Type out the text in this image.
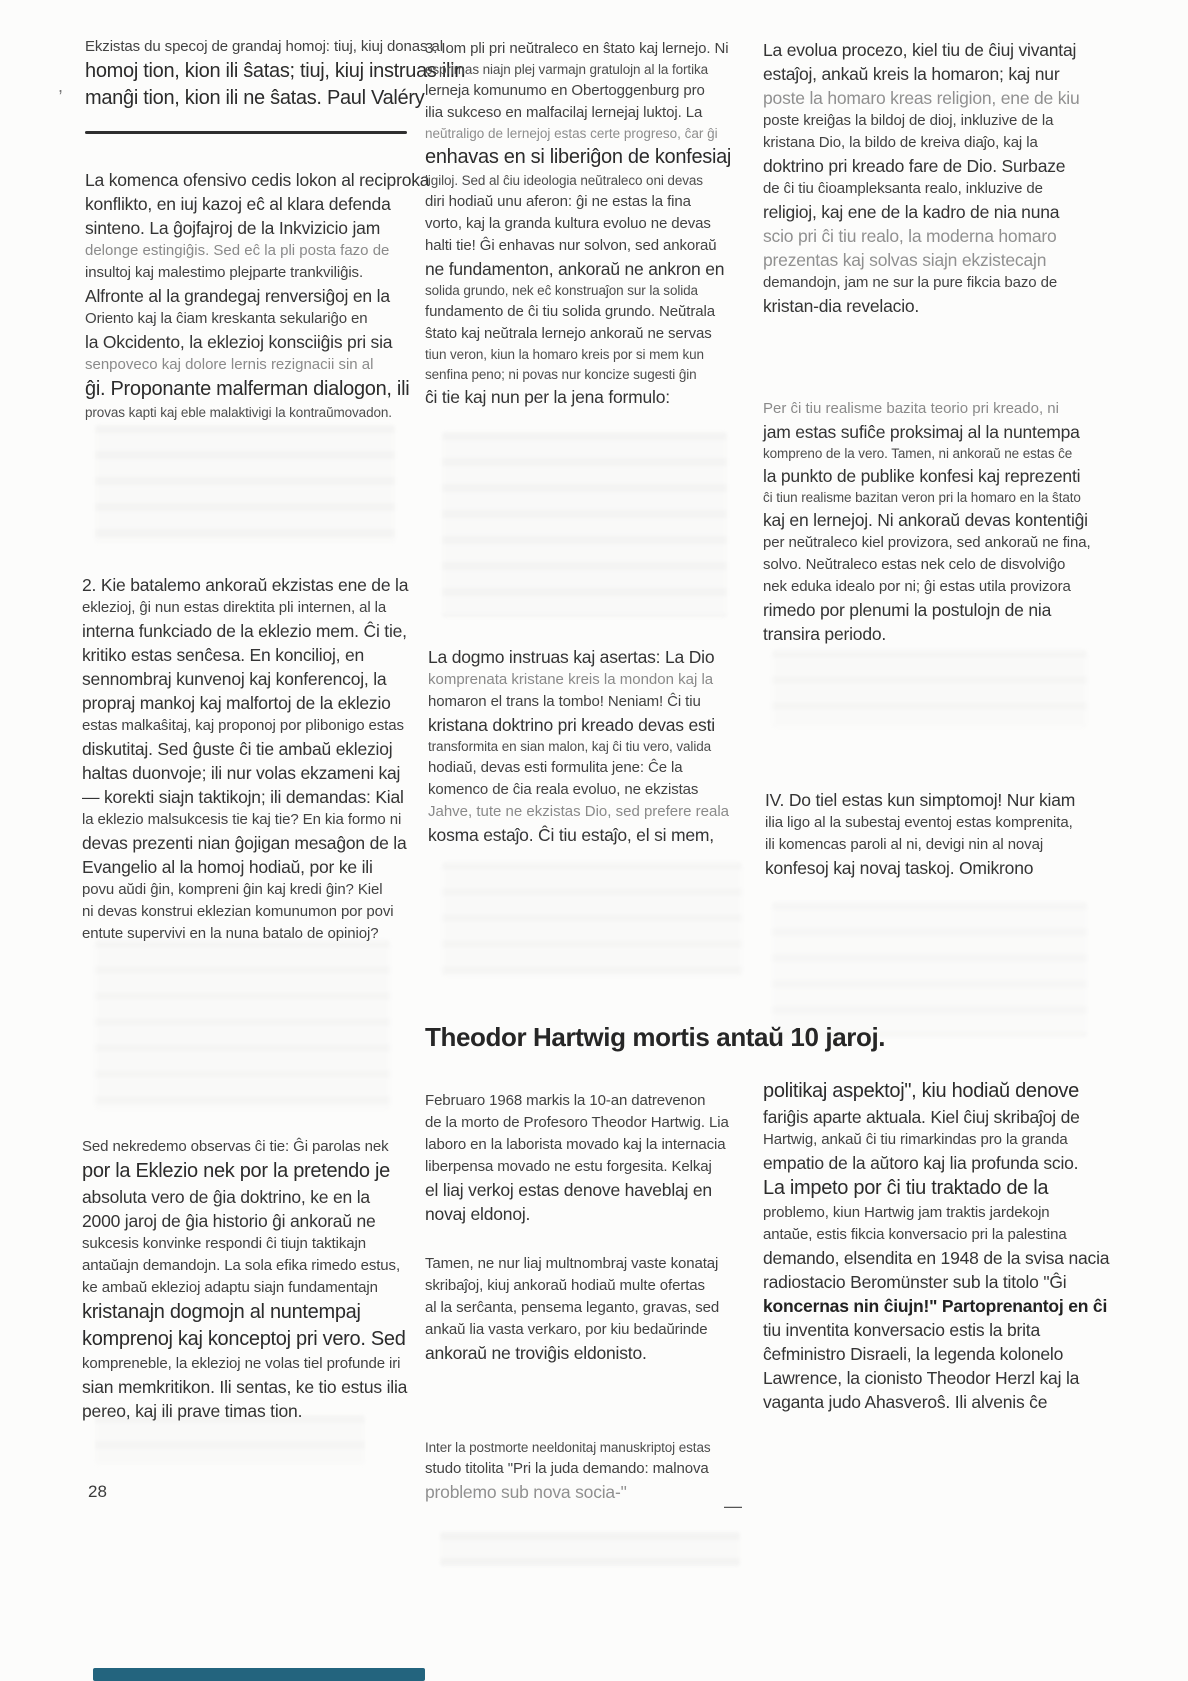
,
Ekzistas du specoj de grandaj homoj: tiuj, kiuj donas al
homoj tion, kion ili ŝatas; tiuj, kiuj instruas ilin
manĝi tion, kion ili ne ŝatas. Paul Valéry
La komenca ofensivo cedis lokon al reciproka
konflikto, en iuj kazoj eĉ al klara defenda
sinteno. La ĝojfajroj de la Inkvizicio jam
delonge estingiĝis. Sed eĉ la pli posta fazo de
insultoj kaj malestimo plejparte trankviliĝis.
Alfronte al la grandegaj renversiĝoj en la
Oriento kaj la ĉiam kreskanta sekulariĝo en
la Okcidento, la eklezioj konsciiĝis pri sia
senpoveco kaj dolore lernis rezignacii sin al
ĝi. Proponante malferman dialogon, ili
provas kapti kaj eble malaktivigi la kontraŭmovadon.
2. Kie batalemo ankoraŭ ekzistas ene de la
eklezioj, ĝi nun estas direktita pli internen, al la
interna funkciado de la eklezio mem. Ĉi tie,
kritiko estas senĉesa. En koncilioj, en
sennombraj kunvenoj kaj konferencoj, la
propraj mankoj kaj malfortoj de la eklezio
estas malkaŝitaj, kaj proponoj por plibonigo estas
diskutitaj. Sed ĝuste ĉi tie ambaŭ eklezioj
haltas duonvoje; ili nur volas ekzameni kaj
— korekti siajn taktikojn; ili demandas: Kial
la eklezio malsukcesis tie kaj tie? En kia formo ni
devas prezenti nian ĝojigan mesaĝon de la
Evangelio al la homoj hodiaŭ, por ke ili
povu aŭdi ĝin, kompreni ĝin kaj kredi ĝin? Kiel
ni devas konstrui eklezian komunumon por povi
entute supervivi en la nuna batalo de opinioj?
Sed nekredemo observas ĉi tie: Ĝi parolas nek
por la Eklezio nek por la pretendo je
absoluta vero de ĝia doktrino, ke en la
2000 jaroj de ĝia historio ĝi ankoraŭ ne
sukcesis konvinke respondi ĉi tiujn taktikajn
antaŭajn demandojn. La sola efika rimedo estus,
ke ambaŭ eklezioj adaptu siajn fundamentajn
kristanajn dogmojn al nuntempaj
komprenoj kaj konceptoj pri vero. Sed
kompreneble, la eklezioj ne volas tiel profunde iri
sian memkritikon. Ili sentas, ke tio estus ilia
pereo, kaj ili prave timas tion.
3. Iom pli pri neŭtraleco en ŝtato kaj lernejo. Ni
esprimas niajn plej varmajn gratulojn al la fortika
lerneja komunumo en Obertoggenburg pro
ilia sukceso en malfacilaj lernejaj luktoj. La
neŭtraligo de lernejoj estas certe progreso, ĉar ĝi
enhavas en si liberiĝon de konfesiaj
ligiloj. Sed al ĉiu ideologia neŭtraleco oni devas
diri hodiaŭ unu aferon: ĝi ne estas la fina
vorto, kaj la granda kultura evoluo ne devas
halti tie! Ĝi enhavas nur solvon, sed ankoraŭ
ne fundamenton, ankoraŭ ne ankron en
solida grundo, nek eĉ konstruaĵon sur la solida
fundamento de ĉi tiu solida grundo. Neŭtrala
ŝtato kaj neŭtrala lernejo ankoraŭ ne servas
tiun veron, kiun la homaro kreis por si mem kun
senfina peno; ni povas nur koncize sugesti ĝin
ĉi tie kaj nun per la jena formulo:
La dogmo instruas kaj asertas: La Dio
komprenata kristane kreis la mondon kaj la
homaron el trans la tombo! Neniam! Ĉi tiu
kristana doktrino pri kreado devas esti
transformita en sian malon, kaj ĉi tiu vero, valida
hodiaŭ, devas esti formulita jene: Ĉe la
komenco de ĉia reala evoluo, ne ekzistas
Jahve, tute ne ekzistas Dio, sed prefere reala
kosma estaĵo. Ĉi tiu estaĵo, el si mem,
Februaro 1968 markis la 10-an datrevenon
de la morto de Profesoro Theodor Hartwig. Lia
laboro en la laborista movado kaj la internacia
liberpensa movado ne estu forgesita. Kelkaj
el liaj verkoj estas denove haveblaj en
novaj eldonoj.
Tamen, ne nur liaj multnombraj vaste konataj
skribaĵoj, kiuj ankoraŭ hodiaŭ multe ofertas
al la serĉanta, pensema leganto, gravas, sed
ankaŭ lia vasta verkaro, por kiu bedaŭrinde
ankoraŭ ne troviĝis eldonisto.
Inter la postmorte neeldonitaj manuskriptoj estas
studo titolita "Pri la juda demando: malnova
problemo sub nova socia-"
La evolua procezo, kiel tiu de ĉiuj vivantaj
estaĵoj, ankaŭ kreis la homaron; kaj nur
poste la homaro kreas religion, ene de kiu
poste kreiĝas la bildoj de dioj, inkluzive de la
kristana Dio, la bildo de kreiva diaĵo, kaj la
doktrino pri kreado fare de Dio. Surbaze
de ĉi tiu ĉioampleksanta realo, inkluzive de
religioj, kaj ene de la kadro de nia nuna
scio pri ĉi tiu realo, la moderna homaro
prezentas kaj solvas siajn ekzistecajn
demandojn, jam ne sur la pure fikcia bazo de
kristan-dia revelacio.
Per ĉi tiu realisme bazita teorio pri kreado, ni
jam estas sufiĉe proksimaj al la nuntempa
kompreno de la vero. Tamen, ni ankoraŭ ne estas ĉe
la punkto de publike konfesi kaj reprezenti
ĉi tiun realisme bazitan veron pri la homaro en la ŝtato
kaj en lernejoj. Ni ankoraŭ devas kontentiĝi
per neŭtraleco kiel provizora, sed ankoraŭ ne fina,
solvo. Neŭtraleco estas nek celo de disvolviĝo
nek eduka idealo por ni; ĝi estas utila provizora
rimedo por plenumi la postulojn de nia
transira periodo.
IV. Do tiel estas kun simptomoj! Nur kiam
ilia ligo al la subestaj eventoj estas komprenita,
ili komencas paroli al ni, devigi nin al novaj
konfesoj kaj novaj taskoj. Omikrono
politikaj aspektoj", kiu hodiaŭ denove
fariĝis aparte aktuala. Kiel ĉiuj skribaĵoj de
Hartwig, ankaŭ ĉi tiu rimarkindas pro la granda
empatio de la aŭtoro kaj lia profunda scio.
La impeto por ĉi tiu traktado de la
problemo, kiun Hartwig jam traktis jardekojn
antaŭe, estis fikcia konversacio pri la palestina
demando, elsendita en 1948 de la svisa nacia
radiostacio Beromünster sub la titolo "Ĝi
koncernas nin ĉiujn!" Partoprenantoj en ĉi
tiu inventita konversacio estis la brita
ĉefministro Disraeli, la legenda kolonelo
Lawrence, la cionisto Theodor Herzl kaj la
vaganta judo Ahasveroŝ. Ili alvenis ĉe
Theodor Hartwig mortis antaŭ 10 jaroj.
—
28
